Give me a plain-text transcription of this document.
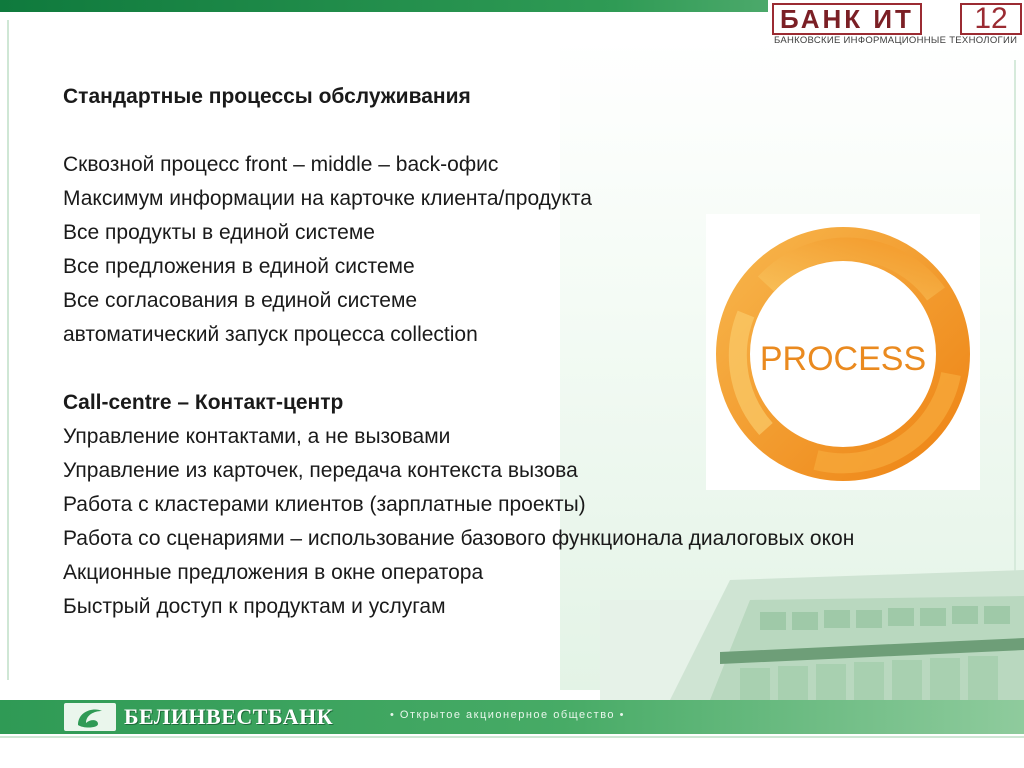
БАНК ИТ	12
БАНКОВСКИЕ ИНФОРМАЦИОННЫЕ ТЕХНОЛОГИИ
Стандартные процессы обслуживания
Сквозной процесс front – middle – back-офис
Максимум информации на карточке клиента/продукта
Все продукты в единой системе
Все предложения в единой системе
Все согласования в единой системе
автоматический запуск процесса collection
Call-centre – Контакт-центр
Управление контактами, а не вызовами
Управление из карточек, передача контекста вызова
Работа с кластерами клиентов (зарплатные проекты)
Работа со сценариями – использование базового функционала диалоговых окон
Акционные предложения в окне оператора
Быстрый доступ к продуктам и услугам
PROCESS
БЕЛИНВЕСТБАНК	• Открытое акционерное общество •
